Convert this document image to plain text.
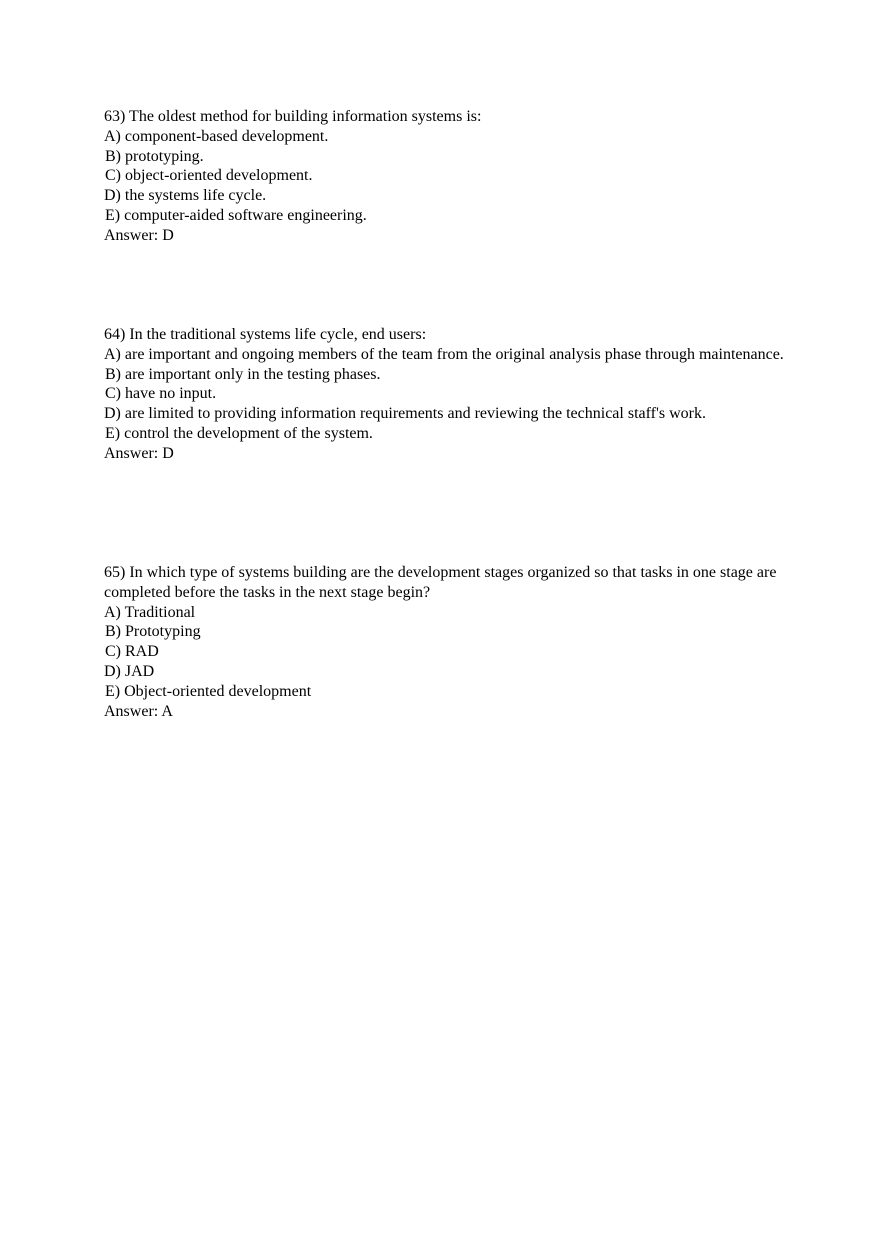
63) The oldest method for building information systems is:
A) component-based development.
B) prototyping.
C) object-oriented development.
D) the systems life cycle.
E) computer-aided software engineering.
Answer: D
64) In the traditional systems life cycle, end users:
A) are important and ongoing members of the team from the original analysis phase through maintenance.
B) are important only in the testing phases.
C) have no input.
D) are limited to providing information requirements and reviewing the technical staff's work.
E) control the development of the system.
Answer: D
65) In which type of systems building are the development stages organized so that tasks in one stage are completed before the tasks in the next stage begin?
A) Traditional
B) Prototyping
C) RAD
D) JAD
E) Object-oriented development
Answer: A
